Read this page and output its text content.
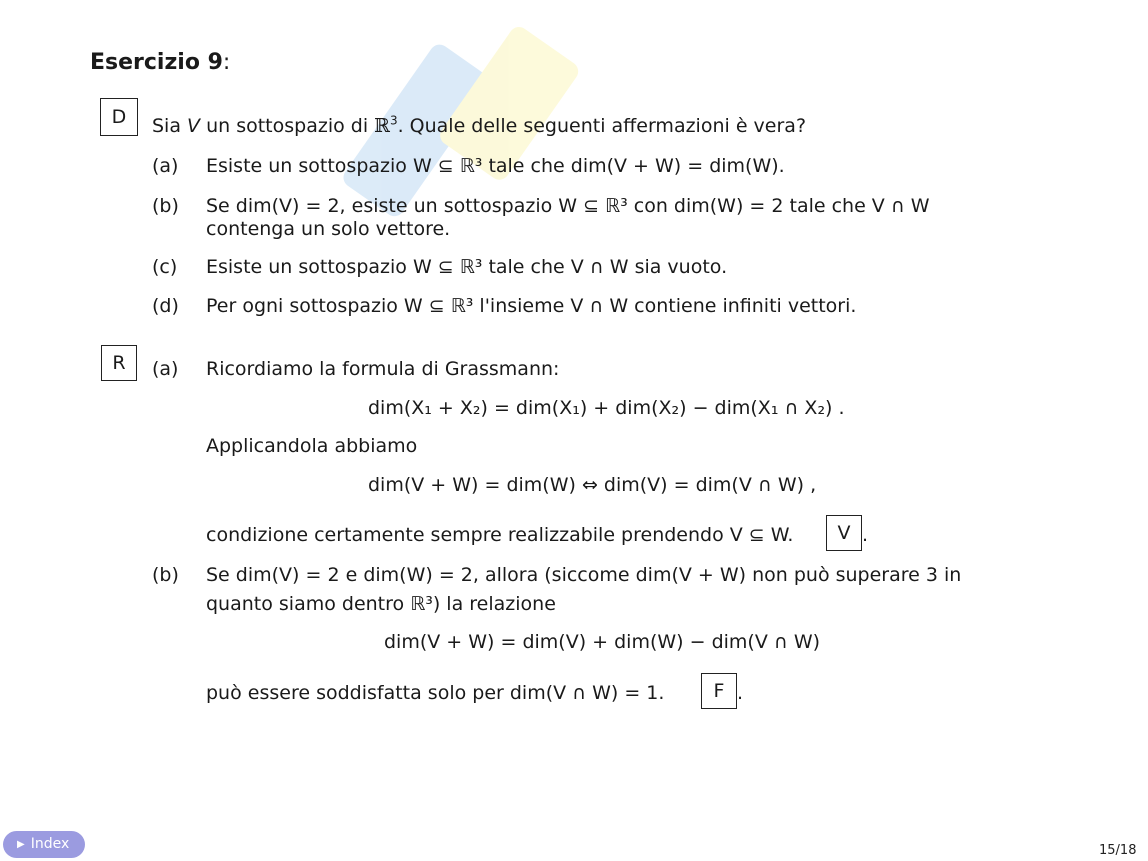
Esercizio 9:
D	Sia V un sottospazio di ℝ$^3$. Quale delle seguenti affermazioni è vera?
(a) Esiste un sottospazio W ⊆ ℝ³ tale che dim(V + W) = dim(W).
(b) Se dim(V) = 2, esiste un sottospazio W ⊆ ℝ³ con dim(W) = 2 tale che V ∩ W
contenga un solo vettore.
(c) Esiste un sottospazio W ⊆ ℝ³ tale che V ∩ W sia vuoto.
(d) Per ogni sottospazio W ⊆ ℝ³ l'insieme V ∩ W contiene infiniti vettori.
R	(a) Ricordiamo la formula di Grassmann:
dim(X₁ + X₂) = dim(X₁) + dim(X₂) − dim(X₁ ∩ X₂) .
Applicandola abbiamo
dim(V + W) = dim(W) ⇔ dim(V) = dim(V ∩ W) ,
condizione certamente sempre realizzabile prendendo V ⊆ W.	V .
(b) Se dim(V) = 2 e dim(W) = 2, allora (siccome dim(V + W) non può superare 3 in
quanto siamo dentro ℝ³) la relazione
dim(V + W) = dim(V) + dim(W) − dim(V ∩ W)
può essere soddisfatta solo per dim(V ∩ W) = 1.	F .
▶ Index	15/18
